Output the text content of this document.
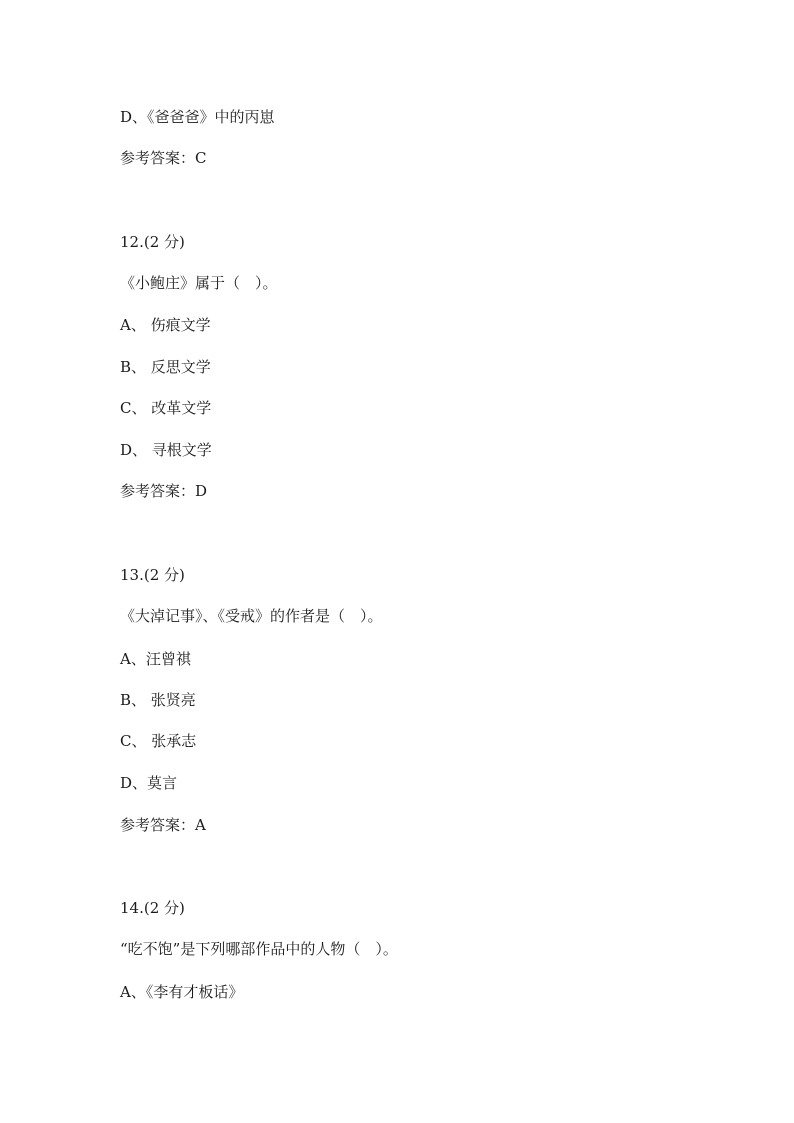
D、《爸爸爸》中的丙崽
参考答案：C
12.(2 分)
《小鲍庄》属于（　）。
A、 伤痕文学
B、 反思文学
C、 改革文学
D、 寻根文学
参考答案：D
13.(2 分)
《大淖记事》、《受戒》的作者是（　）。
A、汪曾祺
B、 张贤亮
C、 张承志
D、莫言
参考答案：A
14.(2 分)
“吃不饱”是下列哪部作品中的人物（　）。
A、《李有才板话》
